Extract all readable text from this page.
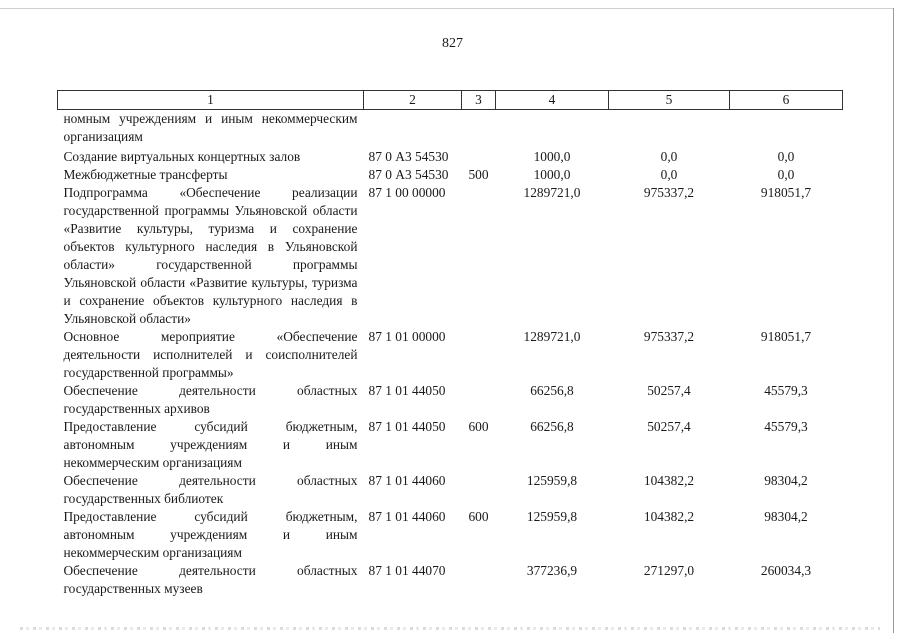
827
1	2	3	4	5	6
номным учреждениям и иным некоммерческим организациям					
Создание виртуальных концертных залов	87 0 А3 54530		1000,0	0,0	0,0
Межбюджетные трансферты	87 0 А3 54530	500	1000,0	0,0	0,0
Подпрограмма «Обеспечение реализации государственной программы Ульяновской области «Развитие культуры, туризма и сохранение объектов культурного наследия в Ульяновской области» государственной программы Ульяновской области «Развитие культуры, туризма и сохранение объектов культурного наследия в Ульяновской области»	87 1 00 00000		1289721,0	975337,2	918051,7
Основное мероприятие «Обеспечение деятельности исполнителей и соисполнителей государственной программы»	87 1 01 00000		1289721,0	975337,2	918051,7
Обеспечение деятельности областных государственных архивов	87 1 01 44050		66256,8	50257,4	45579,3
Предоставление субсидий бюджетным, автономным учреждениям и иным некоммерческим организациям	87 1 01 44050	600	66256,8	50257,4	45579,3
Обеспечение деятельности областных государственных библиотек	87 1 01 44060		125959,8	104382,2	98304,2
Предоставление субсидий бюджетным, автономным учреждениям и иным некоммерческим организациям	87 1 01 44060	600	125959,8	104382,2	98304,2
Обеспечение деятельности областных государственных музеев	87 1 01 44070		377236,9	271297,0	260034,3
